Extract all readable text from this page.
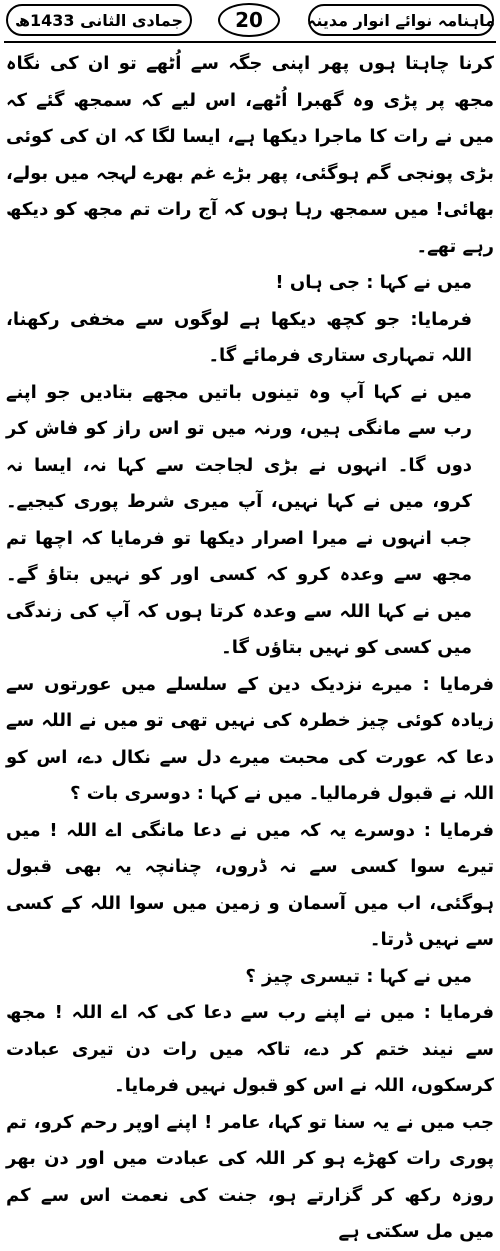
جمادی الثانی 1433ھ	20	ماہنامہ نوائے انوار مدینہ

کرنا چاہتا ہوں پھر اپنی جگہ سے اُٹھے تو ان کی نگاہ مجھ پر پڑی وہ گھبرا اُٹھے، اس لیے کہ سمجھ گئے کہ میں نے رات کا ماجرا دیکھا ہے، ایسا لگا کہ ان کی کوئی بڑی پونجی گم ہوگئی، پھر بڑے غم بھرے لہجہ میں بولے، بھائی! میں سمجھ رہا ہوں کہ آج رات تم مجھ کو دیکھ رہے تھے۔

میں نے کہا : جی ہاں !

فرمایا: جو کچھ دیکھا ہے لوگوں سے مخفی رکھنا، اللہ تمہاری ستاری فرمائے گا۔

میں نے کہا آپ وہ تینوں باتیں مجھے بتادیں جو اپنے رب سے مانگی ہیں، ورنہ میں تو اس راز کو فاش کر دوں گا۔ انہوں نے بڑی لجاجت سے کہا نہ، ایسا نہ کرو، میں نے کہا نہیں، آپ میری شرط پوری کیجیے۔ جب انہوں نے میرا اصرار دیکھا تو فرمایا کہ اچھا تم مجھ سے وعدہ کرو کہ کسی اور کو نہیں بتاؤ گے۔ میں نے کہا اللہ سے وعدہ کرتا ہوں کہ آپ کی زندگی میں کسی کو نہیں بتاؤں گا۔

فرمایا : میرے نزدیک دین کے سلسلے میں عورتوں سے زیادہ کوئی چیز خطرہ کی نہیں تھی تو میں نے اللہ سے دعا کہ عورت کی محبت میرے دل سے نکال دے، اس کو اللہ نے قبول فرمالیا۔ میں نے کہا : دوسری بات ؟

فرمایا : دوسرے یہ کہ میں نے دعا مانگی اے اللہ ! میں تیرے سوا کسی سے نہ ڈروں، چنانچہ یہ بھی قبول ہوگئی، اب میں آسمان و زمین میں سوا اللہ کے کسی سے نہیں ڈرتا۔

میں نے کہا : تیسری چیز ؟

فرمایا : میں نے اپنے رب سے دعا کی کہ اے اللہ ! مجھ سے نیند ختم کر دے، تاکہ میں رات دن تیری عبادت کرسکوں، اللہ نے اس کو قبول نہیں فرمایا۔

جب میں نے یہ سنا تو کہا، عامر ! اپنے اوپر رحم کرو، تم پوری رات کھڑے ہو کر اللہ کی عبادت میں اور دن بھر روزہ رکھ کر گزارتے ہو، جنت کی نعمت اس سے کم میں مل سکتی ہے
